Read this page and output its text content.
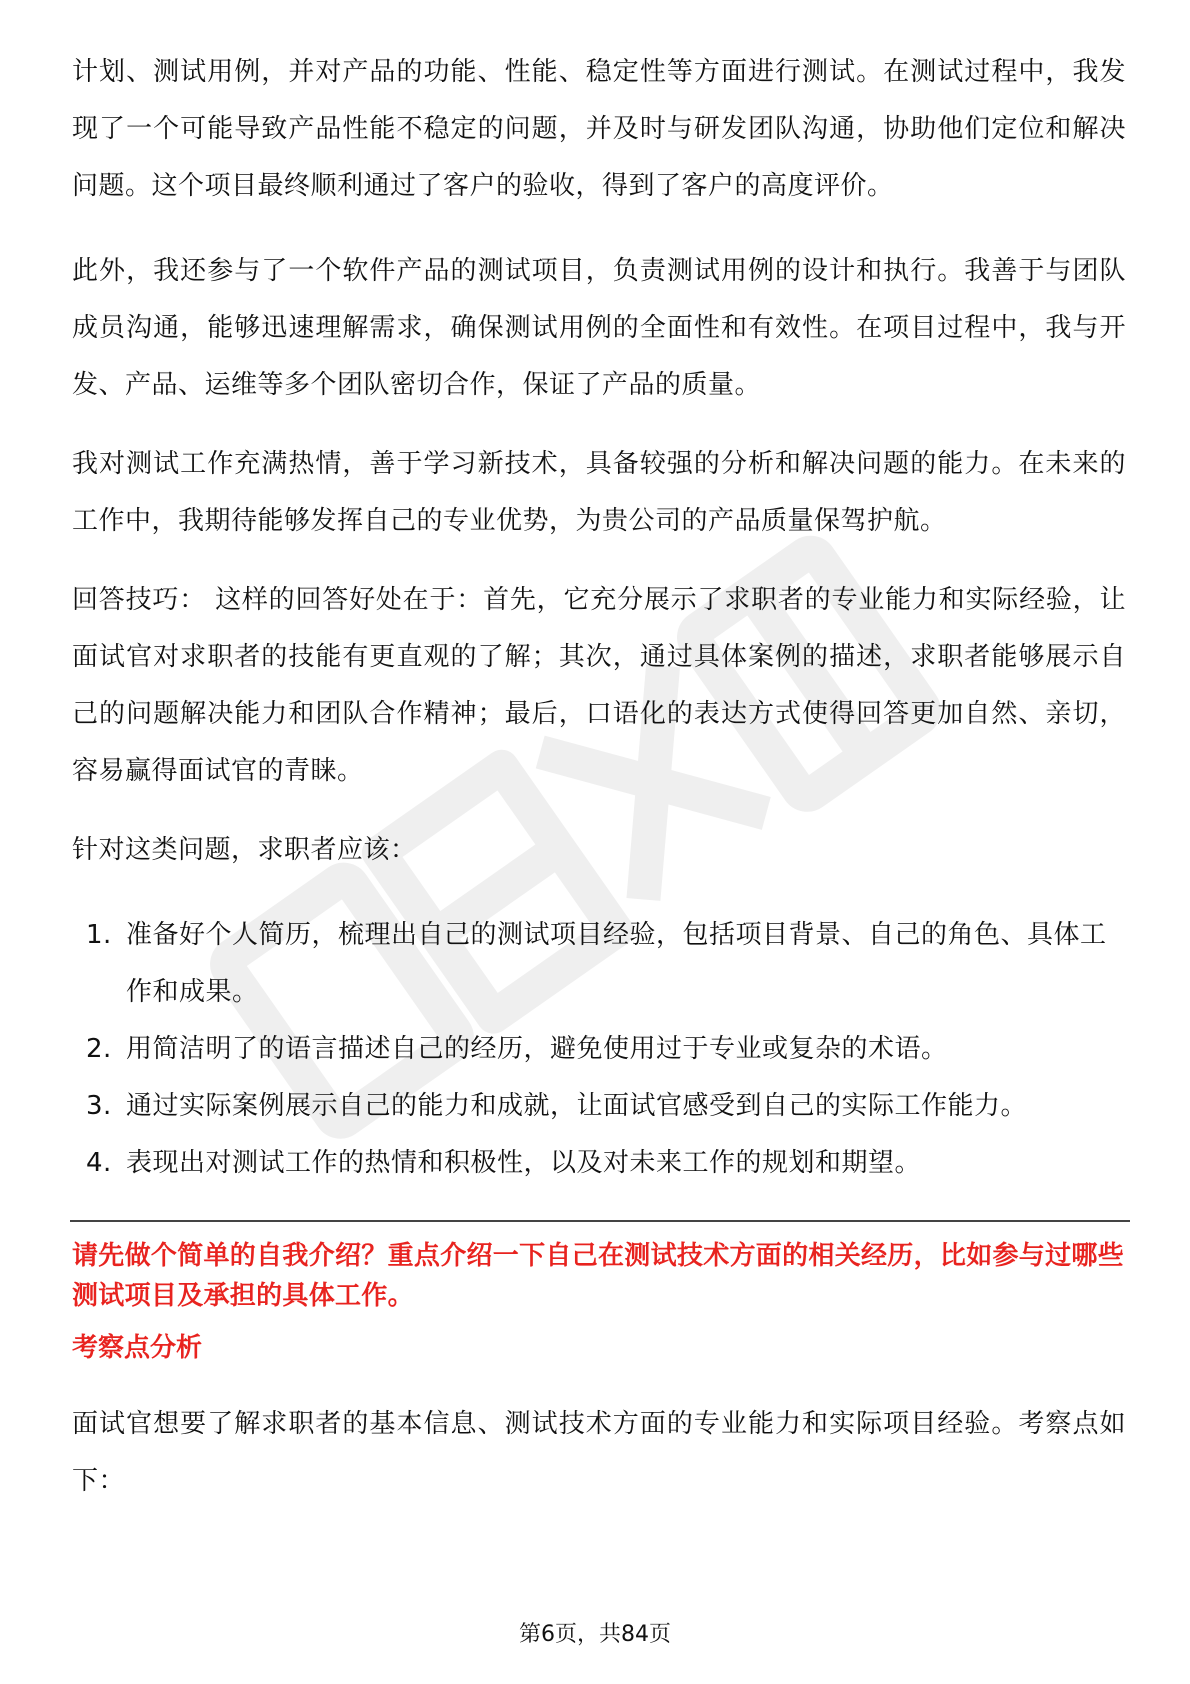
计划、测试用例，并对产品的功能、性能、稳定性等方面进行测试。在测试过程中，我发现了一个可能导致产品性能不稳定的问题，并及时与研发团队沟通，协助他们定位和解决问题。这个项目最终顺利通过了客户的验收，得到了客户的高度评价。

此外，我还参与了一个软件产品的测试项目，负责测试用例的设计和执行。我善于与团队成员沟通，能够迅速理解需求，确保测试用例的全面性和有效性。在项目过程中，我与开发、产品、运维等多个团队密切合作，保证了产品的质量。

我对测试工作充满热情，善于学习新技术，具备较强的分析和解决问题的能力。在未来的工作中，我期待能够发挥自己的专业优势，为贵公司的产品质量保驾护航。

回答技巧： 这样的回答好处在于：首先，它充分展示了求职者的专业能力和实际经验，让面试官对求职者的技能有更直观的了解；其次，通过具体案例的描述，求职者能够展示自己的问题解决能力和团队合作精神；最后，口语化的表达方式使得回答更加自然、亲切，容易赢得面试官的青睐。

针对这类问题，求职者应该：

1. 准备好个人简历，梳理出自己的测试项目经验，包括项目背景、自己的角色、具体工作和成果。
2. 用简洁明了的语言描述自己的经历，避免使用过于专业或复杂的术语。
3. 通过实际案例展示自己的能力和成就，让面试官感受到自己的实际工作能力。
4. 表现出对测试工作的热情和积极性，以及对未来工作的规划和期望。
请先做个简单的自我介绍？重点介绍一下自己在测试技术方面的相关经历，比如参与过哪些测试项目及承担的具体工作。
考察点分析

面试官想要了解求职者的基本信息、测试技术方面的专业能力和实际项目经验。考察点如下：

第6页，共84页
